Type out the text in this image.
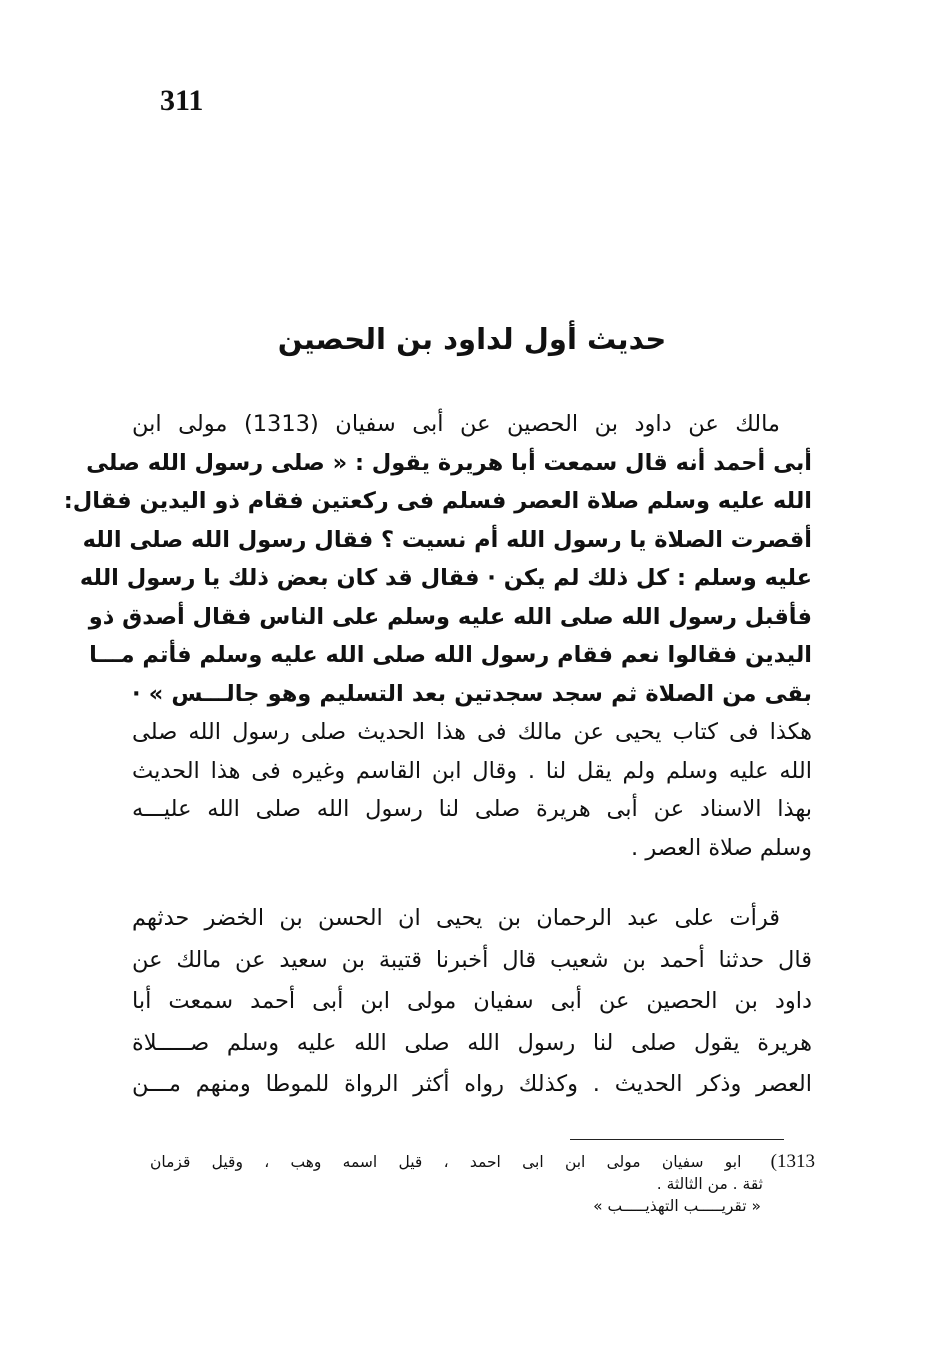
311
حديث أول لداود بن الحصين
مالك عن داود بن الحصين عن أبى سفيان (1313) مولى ابن
أبى أحمد أنه قال سمعت أبا هريرة يقول : « صلى رسول الله صلى
الله عليه وسلم صلاة العصر فسلم فى ركعتين فقام ذو اليدين فقال:
أقصرت الصلاة يا رسول الله أم نسيت ؟ فقال رسول الله صلى الله
عليه وسلم : كل ذلك لم يكن · فقال قد كان بعض ذلك يا رسول الله
فأقبل رسول الله صلى الله عليه وسلم على الناس فقال أصدق ذو
اليدين فقالوا نعم فقام رسول الله صلى الله عليه وسلم فأتم مـــا
بقى من الصلاة ثم سجد سجدتين بعد التسليم وهو جالـــس » ·
هكذا فى كتاب يحيى عن مالك فى هذا الحديث صلى رسول الله صلى
الله عليه وسلم ولم يقل لنا . وقال ابن القاسم وغيره فى هذا الحديث
بهذا الاسناد عن أبى هريرة صلى لنا رسول الله صلى الله عليـــه
وسلم صلاة العصر .
قرأت على عبد الرحمان بن يحيى ان الحسن بن الخضر حدثهم
قال حدثنا أحمد بن شعيب قال أخبرنا قتيبة بن سعيد عن مالك عن
داود بن الحصين عن أبى سفيان مولى ابن أبى أحمد سمعت أبا
هريرة يقول صلى لنا رسول الله صلى الله عليه وسلم صـــــلاة
العصر وذكر الحديث . وكذلك رواه أكثر الرواة للموطا ومنهم مـــن
1313) ابو سفيان مولى ابن ابى احمد ، قيل اسمه وهب ، وقيل قزمان
ثقة . من الثالثة .
« تقريـــــب التهذيـــــب »
